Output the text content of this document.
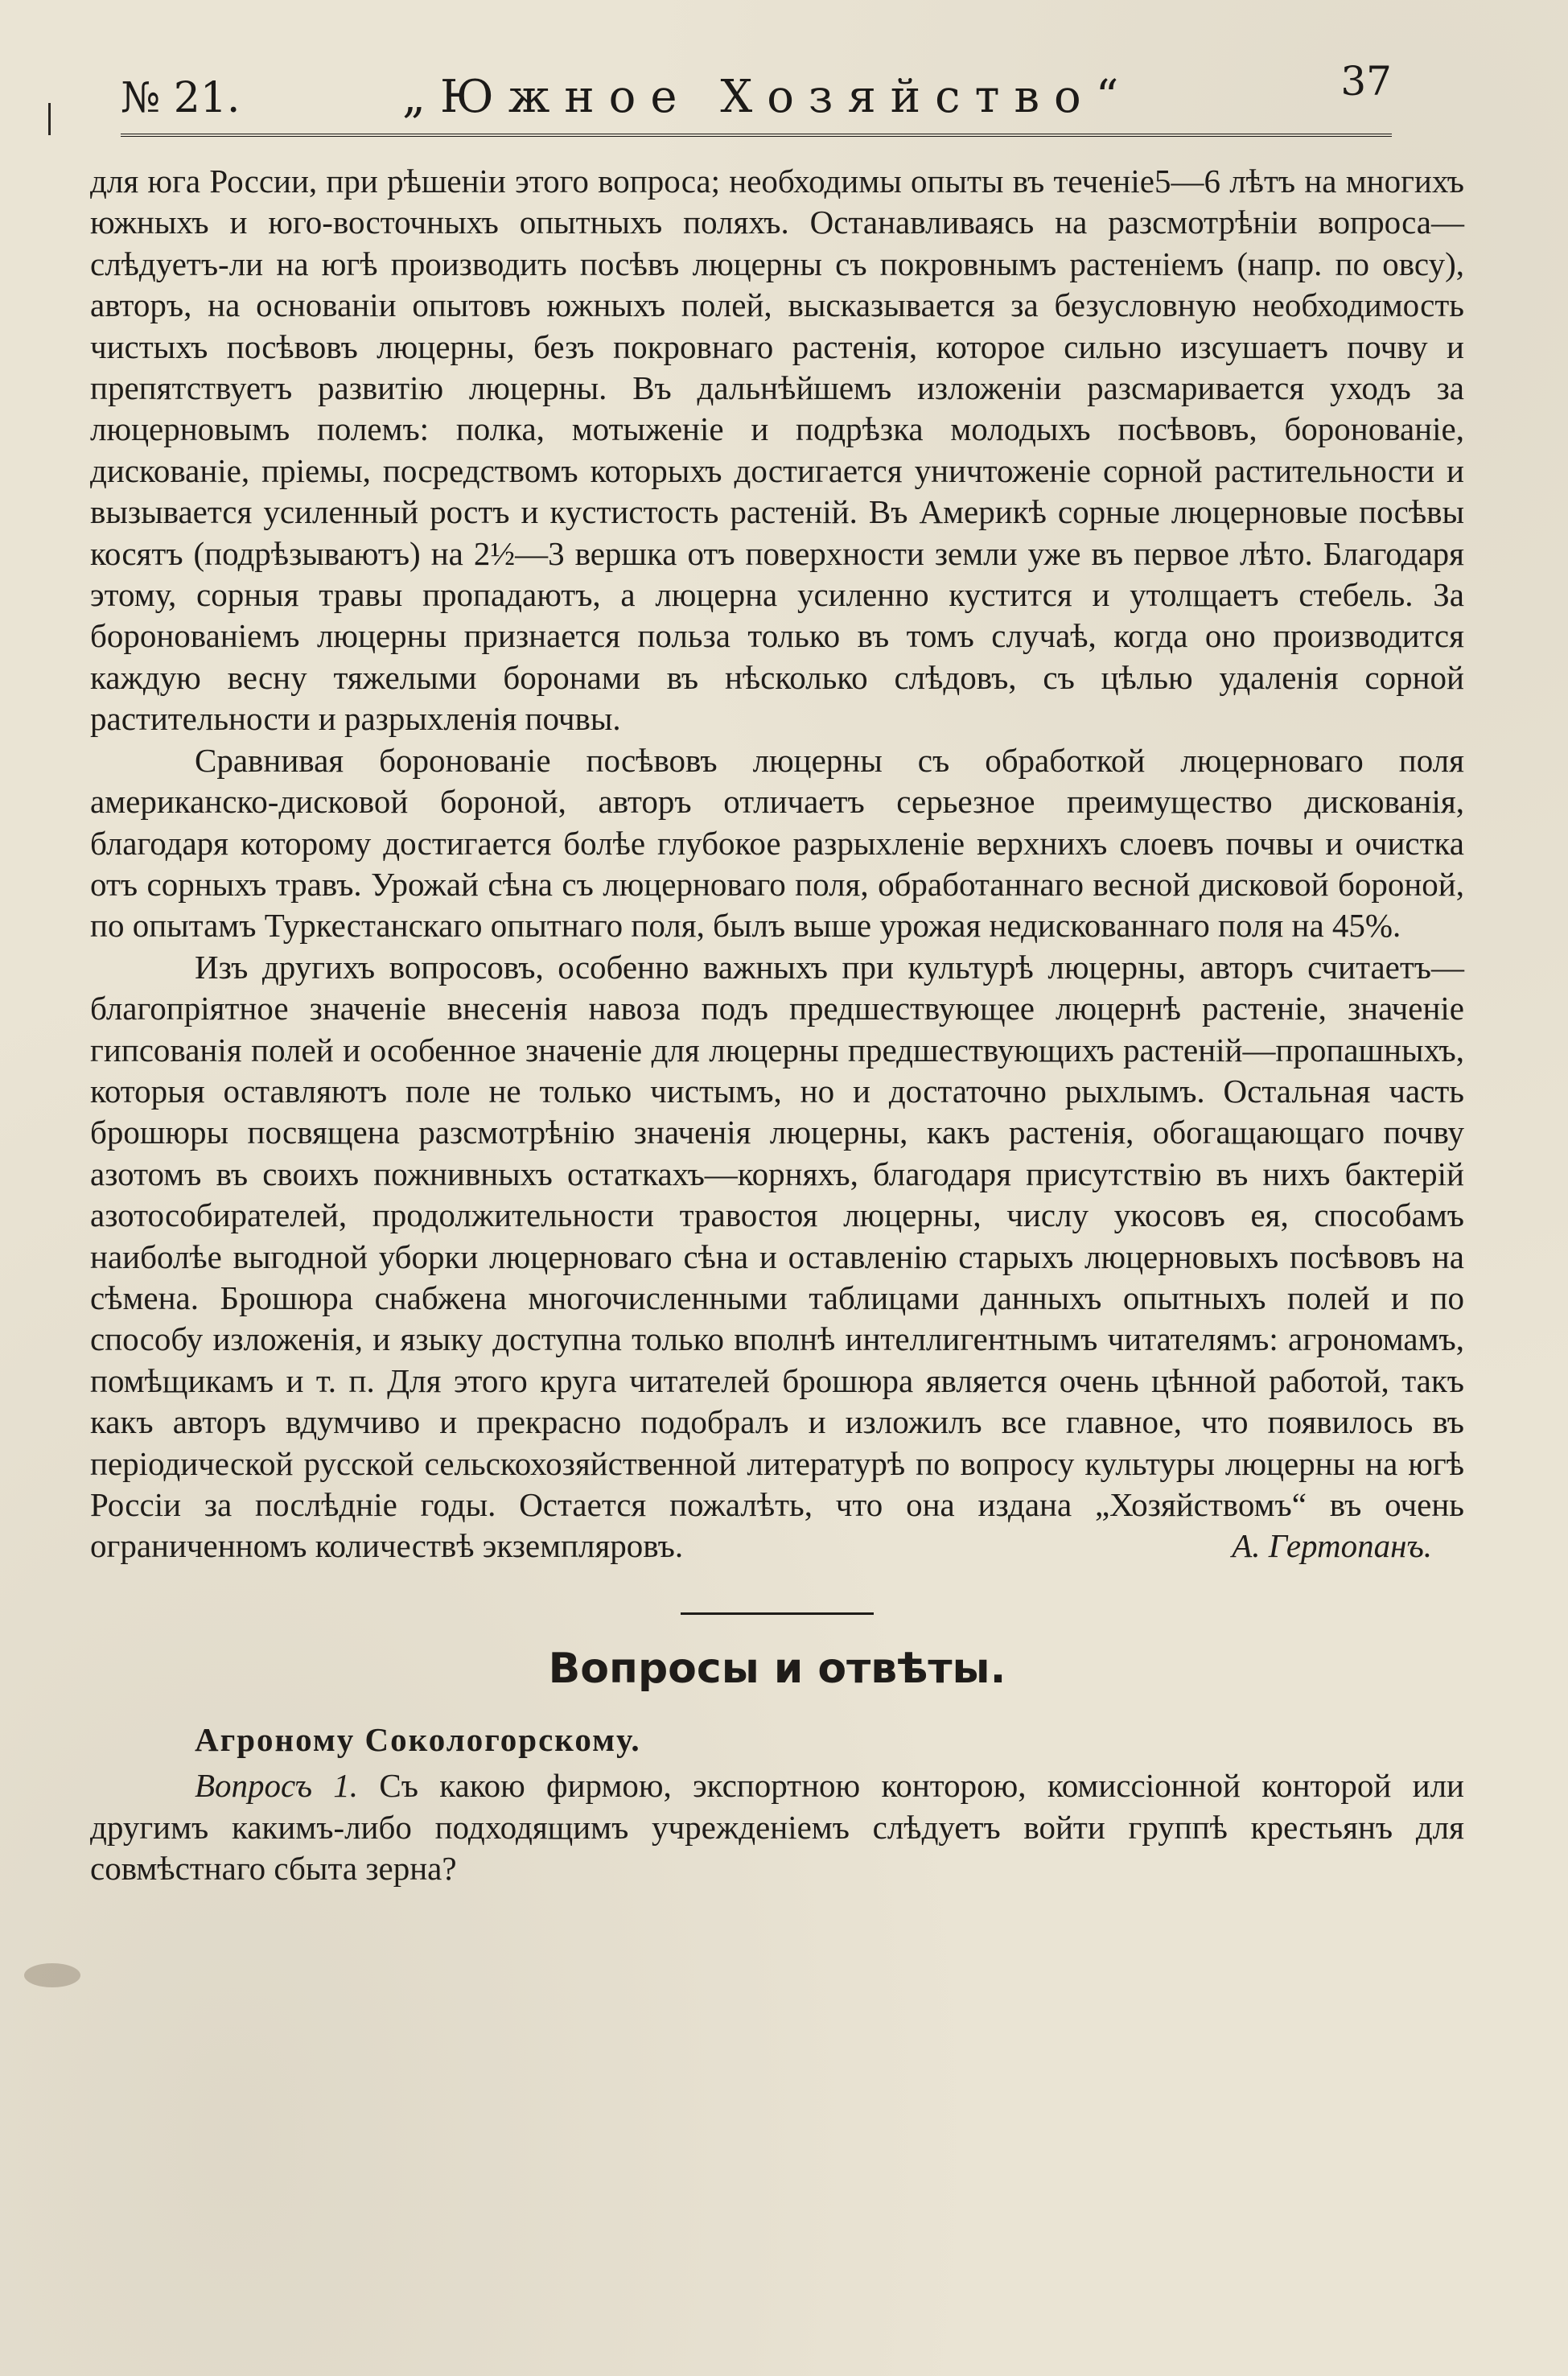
№ 21.	„Южное Хозяйство“	37

для юга России, при рѣшеніи этого вопроса; необходимы опыты въ теченіе5—6 лѣтъ на многихъ южныхъ и юго-восточныхъ опытныхъ поляхъ. Останавливаясь на разсмотрѣніи вопроса—слѣдуетъ-ли на югѣ производить посѣвъ люцерны съ покровнымъ растеніемъ (напр. по овсу), авторъ, на основаніи опытовъ южныхъ полей, высказывается за безусловную необходимость чистыхъ посѣвовъ люцерны, безъ покровнаго растенія, которое сильно изсушаетъ почву и препятствуетъ развитію люцерны. Въ дальнѣйшемъ изложеніи разсмаривается уходъ за люцерновымъ полемъ: полка, мотыженіе и подрѣзка молодыхъ посѣвовъ, боронованіе, дискованіе, пріемы, посредствомъ которыхъ достигается уничтоженіе сорной растительности и вызывается усиленный ростъ и кустистость растеній. Въ Америкѣ сорные люцерновые посѣвы косятъ (подрѣзываютъ) на 2½—3 вершка отъ поверхности земли уже въ первое лѣто. Благодаря этому, сорныя травы пропадаютъ, а люцерна усиленно кустится и утолщаетъ стебель. За боронованіемъ люцерны признается польза только въ томъ случаѣ, когда оно производится каждую весну тяжелыми боронами въ нѣсколько слѣдовъ, съ цѣлью удаленія сорной растительности и разрыхленія почвы.

Сравнивая боронованіе посѣвовъ люцерны съ обработкой люцерноваго поля американско-дисковой бороной, авторъ отличаетъ серьезное преимущество дискованія, благодаря которому достигается болѣе глубокое разрыхленіе верхнихъ слоевъ почвы и очистка отъ сорныхъ травъ. Урожай сѣна съ люцерноваго поля, обработаннаго весной дисковой бороной, по опытамъ Туркестанскаго опытнаго поля, былъ выше урожая недискованнаго поля на 45%.

Изъ другихъ вопросовъ, особенно важныхъ при культурѣ люцерны, авторъ считаетъ—благопріятное значеніе внесенія навоза подъ предшествующее люцернѣ растеніе, значеніе гипсованія полей и особенное значеніе для люцерны предшествующихъ растеній—пропашныхъ, которыя оставляютъ поле не только чистымъ, но и достаточно рыхлымъ. Остальная часть брошюры посвящена разсмотрѣнію значенія люцерны, какъ растенія, обогащающаго почву азотомъ въ своихъ пожнивныхъ остаткахъ—корняхъ, благодаря присутствію въ нихъ бактерій азотособирателей, продолжительности травостоя люцерны, числу укосовъ ея, способамъ наиболѣе выгодной уборки люцерноваго сѣна и оставленію старыхъ люцерновыхъ посѣвовъ на сѣмена. Брошюра снабжена многочисленными таблицами данныхъ опытныхъ полей и по способу изложенія, и языку доступна только вполнѣ интеллигентнымъ читателямъ: агрономамъ, помѣщикамъ и т. п. Для этого круга читателей брошюра является очень цѣнной работой, такъ какъ авторъ вдумчиво и прекрасно подобралъ и изложилъ все главное, что появилось въ періодической русской сельскохозяйственной литературѣ по вопросу культуры люцерны на югѣ Россіи за послѣдніе годы. Остается пожалѣть, что она издана „Хозяйствомъ“ въ очень ограниченномъ количествѣ экземпляровъ.	А. Гертопанъ.
Вопросы и отвѣты.
Агроному Сокологорскому.

Вопросъ 1. Съ какою фирмою, экспортною конторою, комиссіонной конторой или другимъ какимъ-либо подходящимъ учрежденіемъ слѣдуетъ войти группѣ крестьянъ для совмѣстнаго сбыта зерна?
